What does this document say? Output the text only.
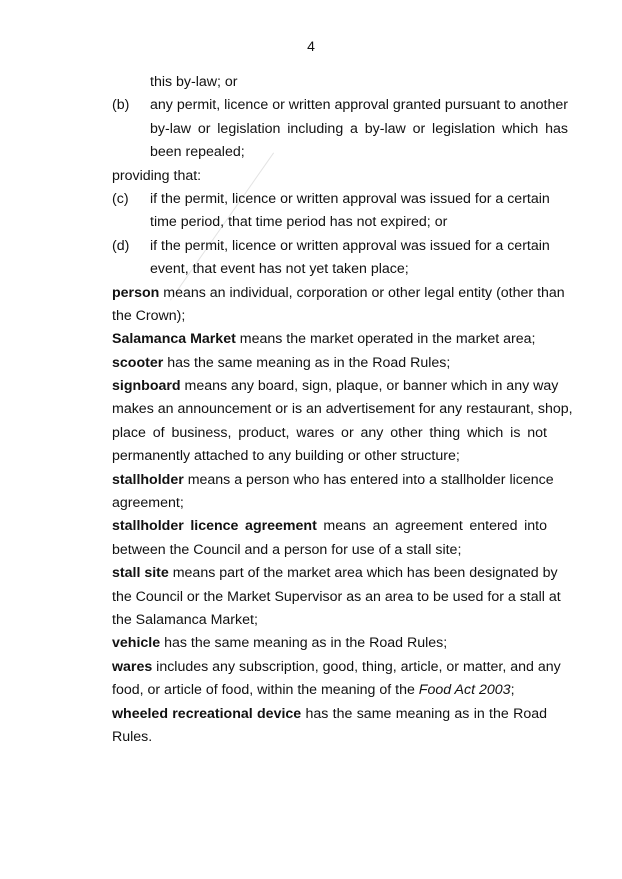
4
this by-law; or
(b)	any permit, licence or written approval granted pursuant to another
by-law or legislation including a by-law or legislation which has
been repealed;
providing that:
(c)	if the permit, licence or written approval was issued for a certain
time period, that time period has not expired; or
(d)	if the permit, licence or written approval was issued for a certain
event, that event has not yet taken place;
person means an individual, corporation or other legal entity (other than
the Crown);
Salamanca Market means the market operated in the market area;
scooter has the same meaning as in the Road Rules;
signboard means any board, sign, plaque, or banner which in any way
makes an announcement or is an advertisement for any restaurant, shop,
place of business, product, wares or any other thing which is not
permanently attached to any building or other structure;
stallholder means a person who has entered into a stallholder licence
agreement;
stallholder licence agreement means an agreement entered into
between the Council and a person for use of a stall site;
stall site means part of the market area which has been designated by
the Council or the Market Supervisor as an area to be used for a stall at
the Salamanca Market;
vehicle has the same meaning as in the Road Rules;
wares includes any subscription, good, thing, article, or matter, and any
food, or article of food, within the meaning of the Food Act 2003;
wheeled recreational device has the same meaning as in the Road
Rules.
